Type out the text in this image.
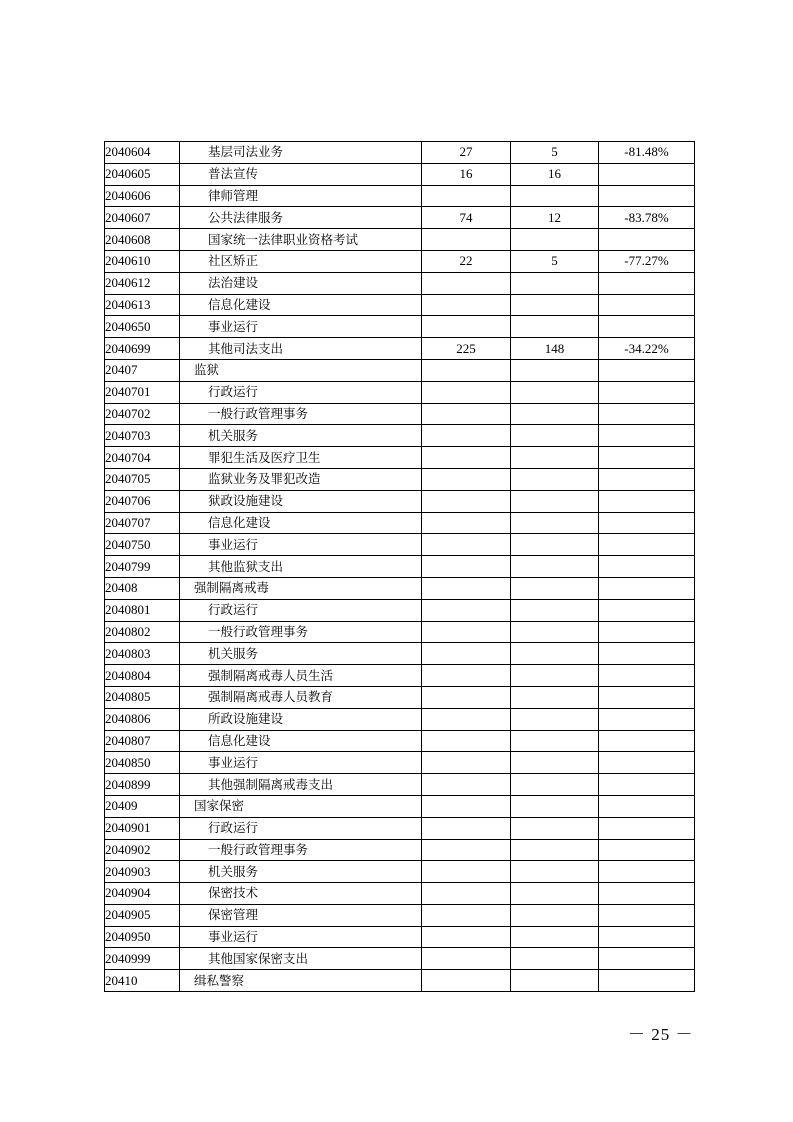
2040604	基层司法业务	27	5	-81.48%
2040605	普法宣传	16	16	
2040606	律师管理			
2040607	公共法律服务	74	12	-83.78%
2040608	国家统一法律职业资格考试			
2040610	社区矫正	22	5	-77.27%
2040612	法治建设			
2040613	信息化建设			
2040650	事业运行			
2040699	其他司法支出	225	148	-34.22%
20407	监狱			
2040701	行政运行			
2040702	一般行政管理事务			
2040703	机关服务			
2040704	罪犯生活及医疗卫生			
2040705	监狱业务及罪犯改造			
2040706	狱政设施建设			
2040707	信息化建设			
2040750	事业运行			
2040799	其他监狱支出			
20408	强制隔离戒毒			
2040801	行政运行			
2040802	一般行政管理事务			
2040803	机关服务			
2040804	强制隔离戒毒人员生活			
2040805	强制隔离戒毒人员教育			
2040806	所政设施建设			
2040807	信息化建设			
2040850	事业运行			
2040899	其他强制隔离戒毒支出			
20409	国家保密			
2040901	行政运行			
2040902	一般行政管理事务			
2040903	机关服务			
2040904	保密技术			
2040905	保密管理			
2040950	事业运行			
2040999	其他国家保密支出			
20410	缉私警察			
－ 25 －
